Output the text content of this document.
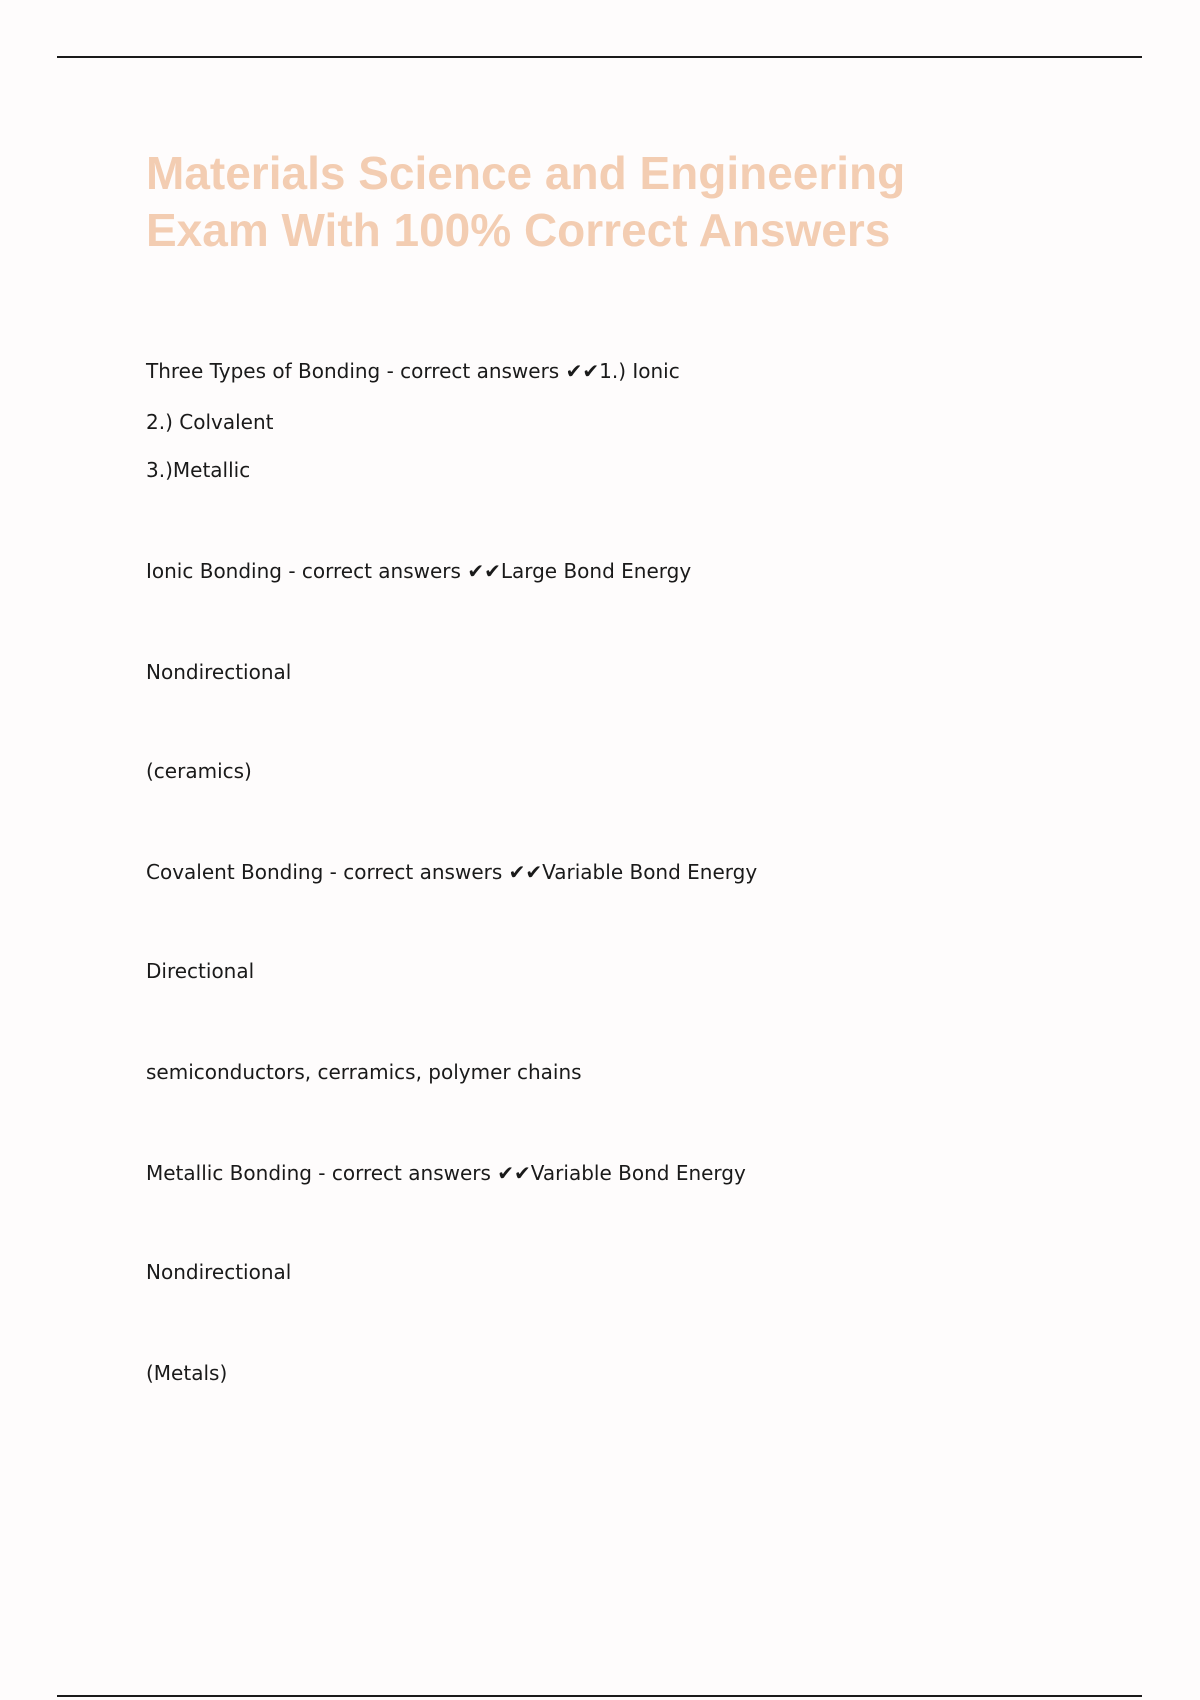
Materials Science and Engineering
Exam With 100% Correct Answers

Three Types of Bonding - correct answers ✔✔1.) Ionic

2.) Colvalent

3.)Metallic

Ionic Bonding - correct answers ✔✔Large Bond Energy

Nondirectional

(ceramics)

Covalent Bonding - correct answers ✔✔Variable Bond Energy

Directional

semiconductors, cerramics, polymer chains

Metallic Bonding - correct answers ✔✔Variable Bond Energy

Nondirectional

(Metals)
